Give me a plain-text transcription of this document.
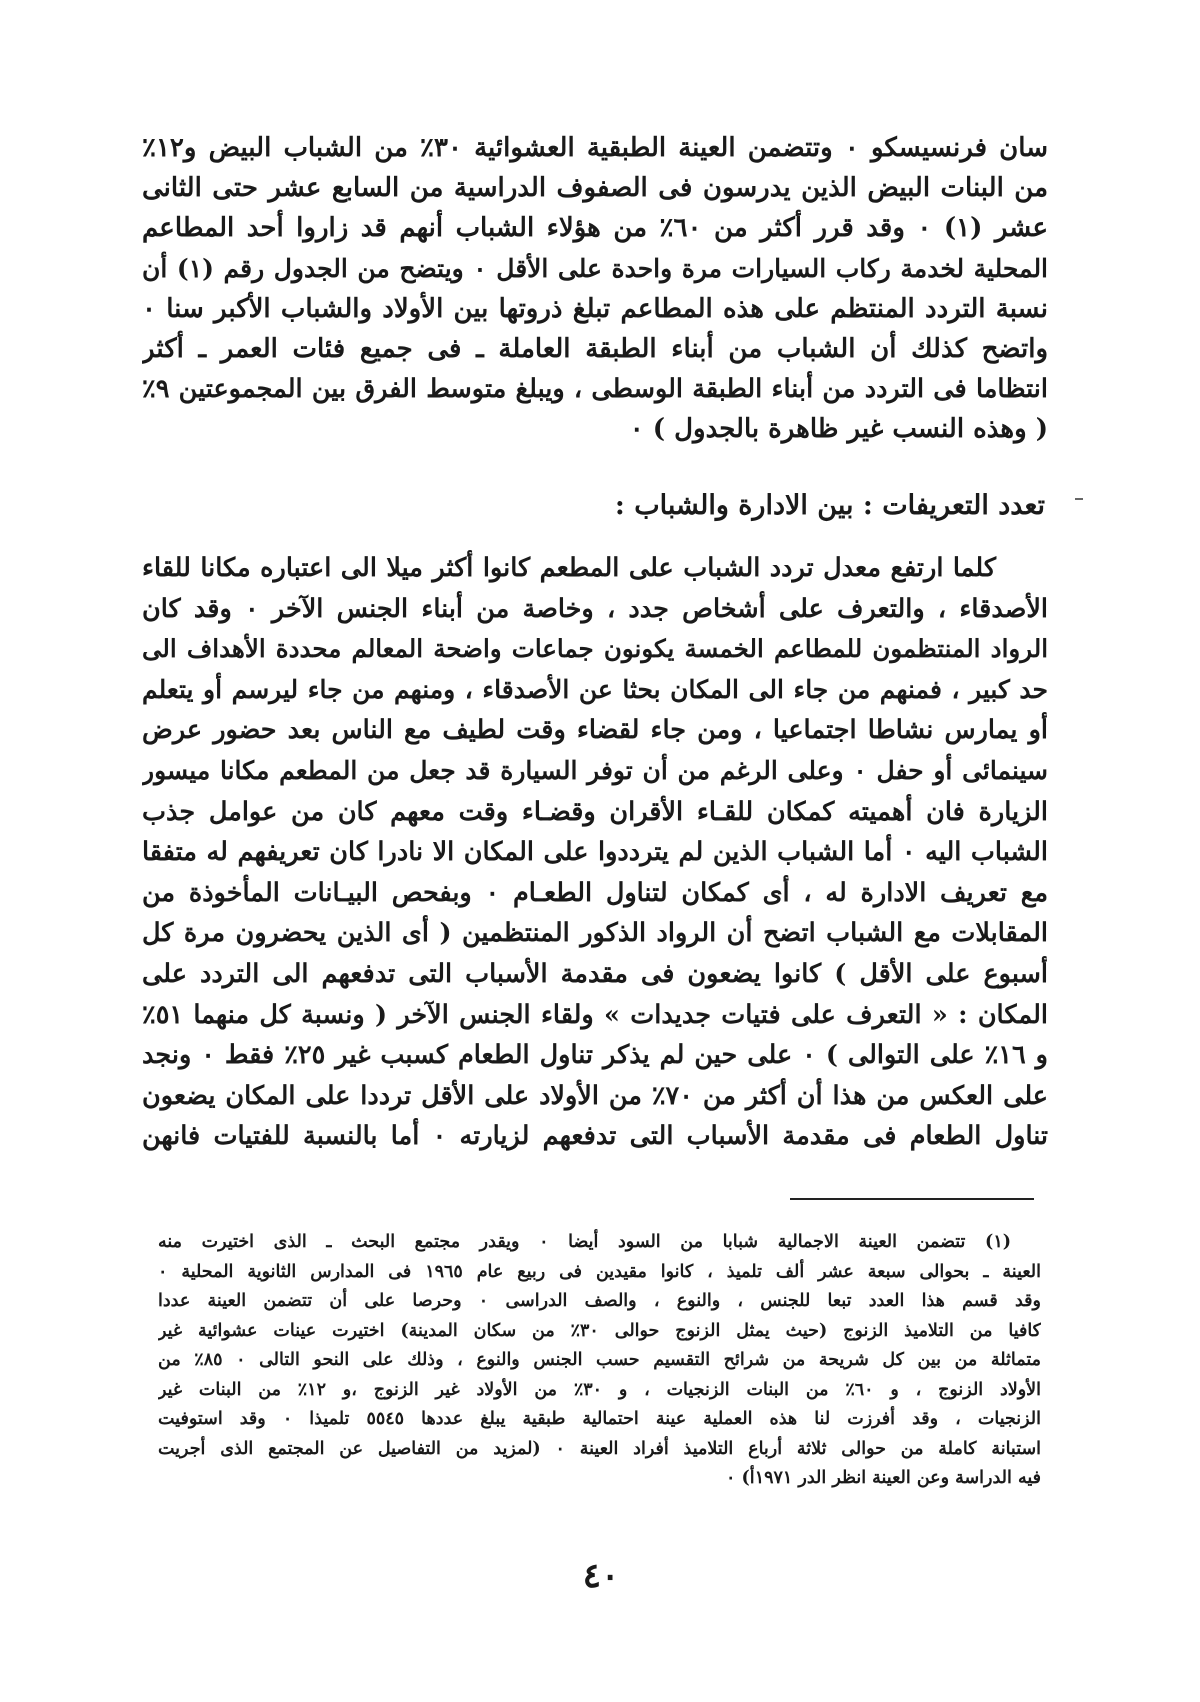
سان فرنسيسكو ٠ وتتضمن العينة الطبقية العشوائية ٣٠٪ من الشباب البيض و١٢٪
من البنات البيض الذين يدرسون فى الصفوف الدراسية من السابع عشر حتى الثانى
عشر (١) ٠ وقد قرر أكثر من ٦٠٪ من هؤلاء الشباب أنهم قد زاروا أحد المطاعم
المحلية لخدمة ركاب السيارات مرة واحدة على الأقل ٠ ويتضح من الجدول رقم (١) أن
نسبة التردد المنتظم على هذه المطاعم تبلغ ذروتها بين الأولاد والشباب الأكبر سنا ٠
واتضح كذلك أن الشباب من أبناء الطبقة العاملة ـ فى جميع فئات العمر ـ أكثر
انتظاما فى التردد من أبناء الطبقة الوسطى ، ويبلغ متوسط الفرق بين المجموعتين ٩٪
( وهذه النسب غير ظاهرة بالجدول ) ٠
تعدد التعريفات : بين الادارة والشباب :
كلما ارتفع معدل تردد الشباب على المطعم كانوا أكثر ميلا الى اعتباره مكانا للقاء
الأصدقاء ، والتعرف على أشخاص جدد ، وخاصة من أبناء الجنس الآخر ٠ وقد كان
الرواد المنتظمون للمطاعم الخمسة يكونون جماعات واضحة المعالم محددة الأهداف الى
حد كبير ، فمنهم من جاء الى المكان بحثا عن الأصدقاء ، ومنهم من جاء ليرسم أو يتعلم
أو يمارس نشاطا اجتماعيا ، ومن جاء لقضاء وقت لطيف مع الناس بعد حضور عرض
سينمائى أو حفل ٠ وعلى الرغم من أن توفر السيارة قد جعل من المطعم مكانا ميسور
الزيارة فان أهميته كمكان للقـاء الأقران وقضـاء وقت معهم كان من عوامل جذب
الشباب اليه ٠ أما الشباب الذين لم يترددوا على المكان الا نادرا كان تعريفهم له متفقا
مع تعريف الادارة له ، أى كمكان لتناول الطعـام ٠ وبفحص البيـانات المأخوذة من
المقابلات مع الشباب اتضح أن الرواد الذكور المنتظمين ( أى الذين يحضرون مرة كل
أسبوع على الأقل ) كانوا يضعون فى مقدمة الأسباب التى تدفعهم الى التردد على
المكان : « التعرف على فتيات جديدات » ولقاء الجنس الآخر ( ونسبة كل منهما ٥١٪
و ١٦٪ على التوالى ) ٠ على حين لم يذكر تناول الطعام كسبب غير ٢٥٪ فقط ٠ ونجد
على العكس من هذا أن أكثر من ٧٠٪ من الأولاد على الأقل ترددا على المكان يضعون
تناول الطعام فى مقدمة الأسباب التى تدفعهم لزيارته ٠ أما بالنسبة للفتيات فانهن
(١) تتضمن العينة الاجمالية شبابا من السود أيضا ٠ ويقدر مجتمع البحث ـ الذى اختيرت منه
العينة ـ بحوالى سبعة عشر ألف تلميذ ، كانوا مقيدين فى ربيع عام ١٩٦٥ فى المدارس الثانوية المحلية ٠
وقد قسم هذا العدد تبعا للجنس ، والنوع ، والصف الدراسى ٠ وحرصا على أن تتضمن العينة عددا
كافيا من التلاميذ الزنوج (حيث يمثل الزنوج حوالى ٣٠٪ من سكان المدينة) اختيرت عينات عشوائية غير
متماثلة من بين كل شريحة من شرائح التقسيم حسب الجنس والنوع ، وذلك على النحو التالى ٠ ٨٥٪ من
الأولاد الزنوج ، و ٦٠٪ من البنات الزنجيات ، و ٣٠٪ من الأولاد غير الزنوج ،و ١٢٪ من البنات غير
الزنجيات ، وقد أفرزت لنا هذه العملية عينة احتمالية طبقية يبلغ عددها ٥٥٤٥ تلميذا ٠ وقد استوفيت
استبانة كاملة من حوالى ثلاثة أرباع التلاميذ أفراد العينة ٠ (لمزيد من التفاصيل عن المجتمع الذى أجريت
فيه الدراسة وعن العينة انظر الدر ١٩٧١أ) ٠
٤٠
